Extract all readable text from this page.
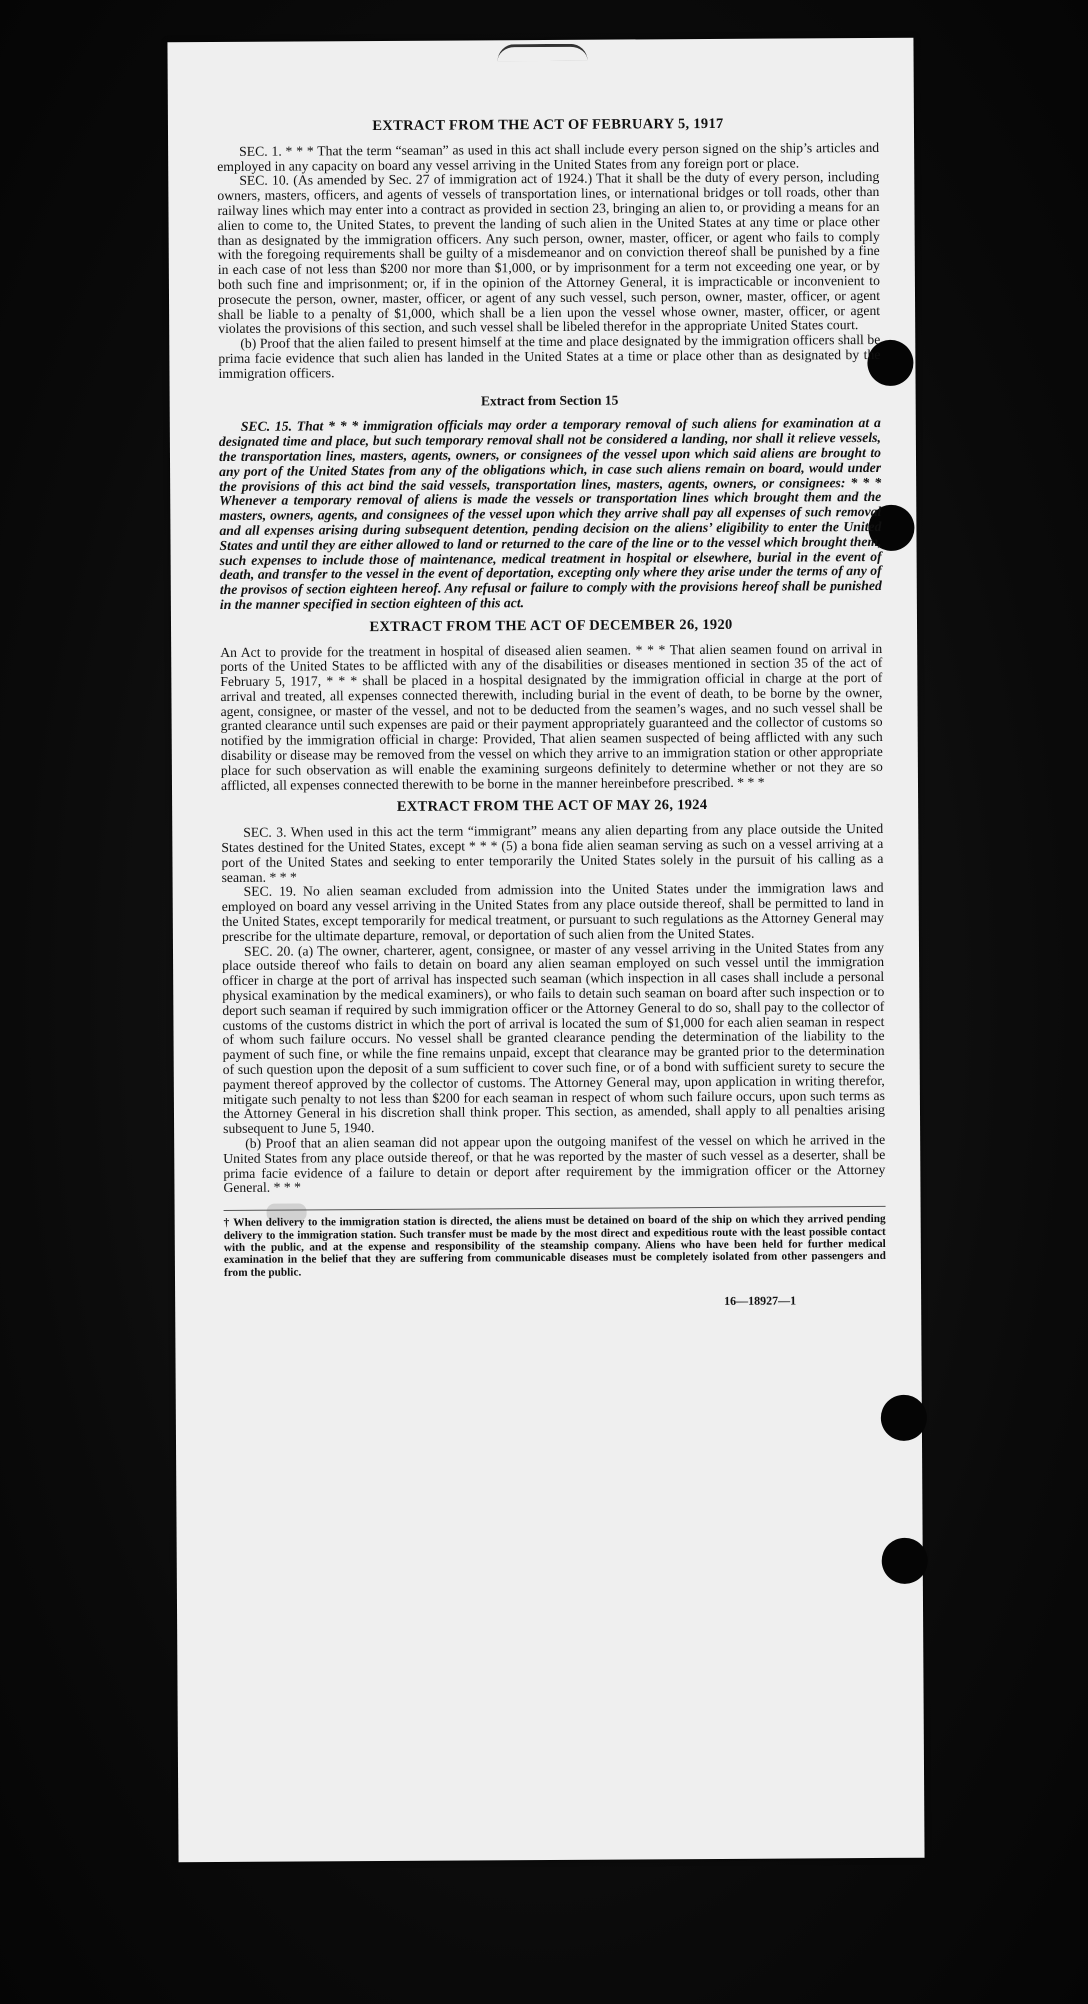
EXTRACT FROM THE ACT OF FEBRUARY 5, 1917

SEC. 1. * * * That the term “seaman” as used in this act shall include every person signed on the ship’s articles and employed in any capacity on board any vessel arriving in the United States from any foreign port or place.

SEC. 10. (As amended by Sec. 27 of immigration act of 1924.) That it shall be the duty of every person, including owners, masters, officers, and agents of vessels of transportation lines, or international bridges or toll roads, other than railway lines which may enter into a contract as provided in section 23, bringing an alien to, or providing a means for an alien to come to, the United States, to prevent the landing of such alien in the United States at any time or place other than as designated by the immigration officers. Any such person, owner, master, officer, or agent who fails to comply with the foregoing requirements shall be guilty of a misdemeanor and on conviction thereof shall be punished by a fine in each case of not less than $200 nor more than $1,000, or by imprisonment for a term not exceeding one year, or by both such fine and imprisonment; or, if in the opinion of the Attorney General, it is impracticable or inconvenient to prosecute the person, owner, master, officer, or agent of any such vessel, such person, owner, master, officer, or agent shall be liable to a penalty of $1,000, which shall be a lien upon the vessel whose owner, master, officer, or agent violates the provisions of this section, and such vessel shall be libeled therefor in the appropriate United States court.

(b) Proof that the alien failed to present himself at the time and place designated by the immigration officers shall be prima facie evidence that such alien has landed in the United States at a time or place other than as designated by the immigration officers.

Extract from Section 15

SEC. 15. That * * * immigration officials may order a temporary removal of such aliens for examination at a designated time and place, but such temporary removal shall not be considered a landing, nor shall it relieve vessels, the transportation lines, masters, agents, owners, or consignees of the vessel upon which said aliens are brought to any port of the United States from any of the obligations which, in case such aliens remain on board, would under the provisions of this act bind the said vessels, transportation lines, masters, agents, owners, or consignees: * * * Whenever a temporary removal of aliens is made the vessels or transportation lines which brought them and the masters, owners, agents, and consignees of the vessel upon which they arrive shall pay all expenses of such removal and all expenses arising during subsequent detention, pending decision on the aliens’ eligibility to enter the United States and until they are either allowed to land or returned to the care of the line or to the vessel which brought them, such expenses to include those of maintenance, medical treatment in hospital or elsewhere, burial in the event of death, and transfer to the vessel in the event of deportation, excepting only where they arise under the terms of any of the provisos of section eighteen hereof. Any refusal or failure to comply with the provisions hereof shall be punished in the manner specified in section eighteen of this act.

EXTRACT FROM THE ACT OF DECEMBER 26, 1920

An Act to provide for the treatment in hospital of diseased alien seamen. * * * That alien seamen found on arrival in ports of the United States to be afflicted with any of the disabilities or diseases mentioned in section 35 of the act of February 5, 1917, * * * shall be placed in a hospital designated by the immigration official in charge at the port of arrival and treated, all expenses connected therewith, including burial in the event of death, to be borne by the owner, agent, consignee, or master of the vessel, and not to be deducted from the seamen’s wages, and no such vessel shall be granted clearance until such expenses are paid or their payment appropriately guaranteed and the collector of customs so notified by the immigration official in charge: Provided, That alien seamen suspected of being afflicted with any such disability or disease may be removed from the vessel on which they arrive to an immigration station or other appropriate place for such observation as will enable the examining surgeons definitely to determine whether or not they are so afflicted, all expenses connected therewith to be borne in the manner hereinbefore prescribed. * * *

EXTRACT FROM THE ACT OF MAY 26, 1924

SEC. 3. When used in this act the term “immigrant” means any alien departing from any place outside the United States destined for the United States, except * * * (5) a bona fide alien seaman serving as such on a vessel arriving at a port of the United States and seeking to enter temporarily the United States solely in the pursuit of his calling as a seaman. * * *

SEC. 19. No alien seaman excluded from admission into the United States under the immigration laws and employed on board any vessel arriving in the United States from any place outside thereof, shall be permitted to land in the United States, except temporarily for medical treatment, or pursuant to such regulations as the Attorney General may prescribe for the ultimate departure, removal, or deportation of such alien from the United States.

SEC. 20. (a) The owner, charterer, agent, consignee, or master of any vessel arriving in the United States from any place outside thereof who fails to detain on board any alien seaman employed on such vessel until the immigration officer in charge at the port of arrival has inspected such seaman (which inspection in all cases shall include a personal physical examination by the medical examiners), or who fails to detain such seaman on board after such inspection or to deport such seaman if required by such immigration officer or the Attorney General to do so, shall pay to the collector of customs of the customs district in which the port of arrival is located the sum of $1,000 for each alien seaman in respect of whom such failure occurs. No vessel shall be granted clearance pending the determination of the liability to the payment of such fine, or while the fine remains unpaid, except that clearance may be granted prior to the determination of such question upon the deposit of a sum sufficient to cover such fine, or of a bond with sufficient surety to secure the payment thereof approved by the collector of customs. The Attorney General may, upon application in writing therefor, mitigate such penalty to not less than $200 for each seaman in respect of whom such failure occurs, upon such terms as the Attorney General in his discretion shall think proper. This section, as amended, shall apply to all penalties arising subsequent to June 5, 1940.

(b) Proof that an alien seaman did not appear upon the outgoing manifest of the vessel on which he arrived in the United States from any place outside thereof, or that he was reported by the master of such vessel as a deserter, shall be prima facie evidence of a failure to detain or deport after requirement by the immigration officer or the Attorney General. * * *

† When delivery to the immigration station is directed, the aliens must be detained on board of the ship on which they arrived pending delivery to the immigration station. Such transfer must be made by the most direct and expeditious route with the least possible contact with the public, and at the expense and responsibility of the steamship company. Aliens who have been held for further medical examination in the belief that they are suffering from communicable diseases must be completely isolated from other passengers and from the public.
16—18927—1
